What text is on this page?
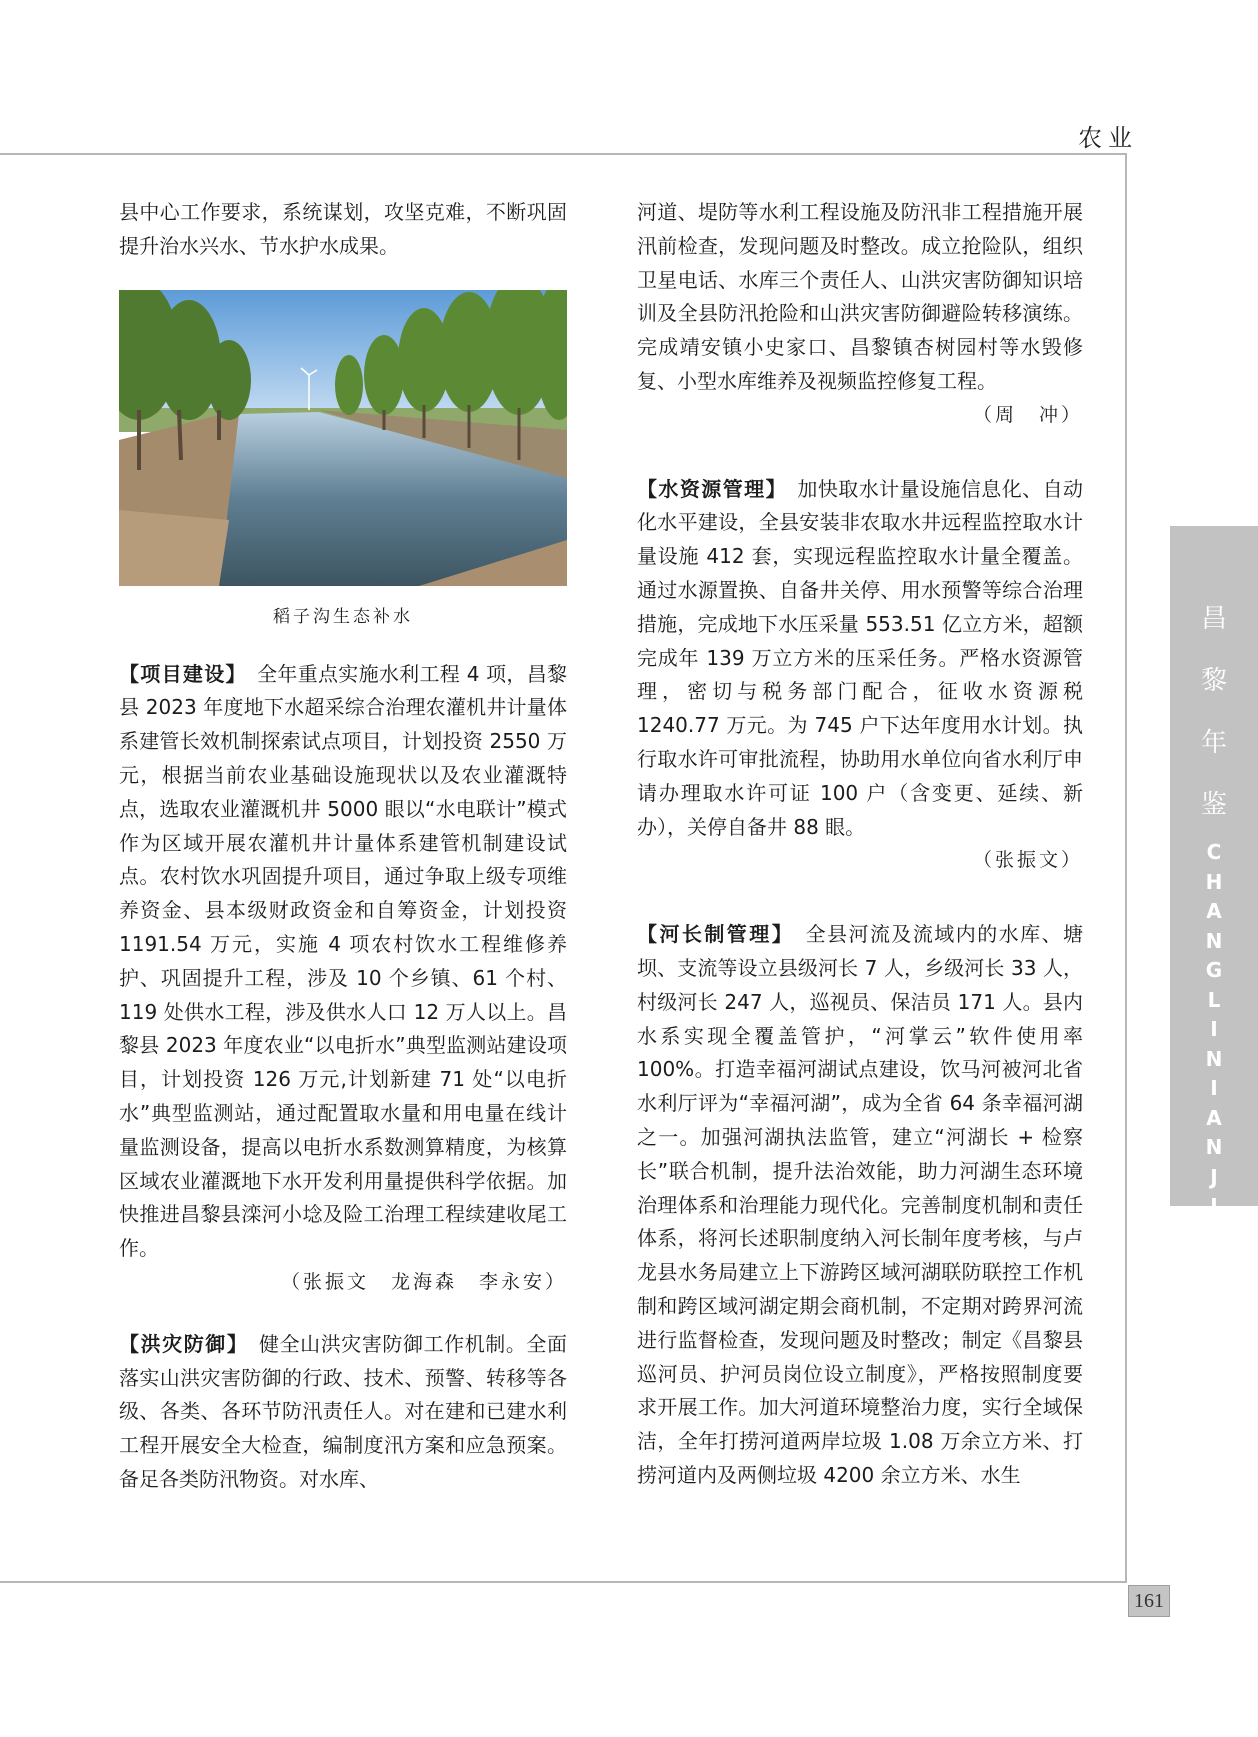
农业
昌
黎
年
鉴
C
H
A
N
G
L
I
N
I
A
N
J
I
A
N
161

县中心工作要求，系统谋划，攻坚克难，不断巩固提升治水兴水、节水护水成果。

稻子沟生态补水

【项目建设】　全年重点实施水利工程 4 项，昌黎县 2023 年度地下水超采综合治理农灌机井计量体系建管长效机制探索试点项目，计划投资 2550 万元，根据当前农业基础设施现状以及农业灌溉特点，选取农业灌溉机井 5000 眼以“水电联计”模式作为区域开展农灌机井计量体系建管机制建设试点。农村饮水巩固提升项目，通过争取上级专项维养资金、县本级财政资金和自筹资金，计划投资 1191.54 万元，实施 4 项农村饮水工程维修养护、巩固提升工程，涉及 10 个乡镇、61 个村、119 处供水工程，涉及供水人口 12 万人以上。昌黎县 2023 年度农业“以电折水”典型监测站建设项目，计划投资 126 万元,计划新建 71 处“以电折水”典型监测站，通过配置取水量和用电量在线计量监测设备，提高以电折水系数测算精度，为核算区域农业灌溉地下水开发利用量提供科学依据。加快推进昌黎县滦河小埝及险工治理工程续建收尾工作。

（张振文　龙海森　李永安）

【洪灾防御】　健全山洪灾害防御工作机制。全面落实山洪灾害防御的行政、技术、预警、转移等各级、各类、各环节防汛责任人。对在建和已建水利工程开展安全大检查，编制度汛方案和应急预案。备足各类防汛物资。对水库、

河道、堤防等水利工程设施及防汛非工程措施开展汛前检查，发现问题及时整改。成立抢险队，组织卫星电话、水库三个责任人、山洪灾害防御知识培训及全县防汛抢险和山洪灾害防御避险转移演练。完成靖安镇小史家口、昌黎镇杏树园村等水毁修复、小型水库维养及视频监控修复工程。

（周　冲）

【水资源管理】　加快取水计量设施信息化、自动化水平建设，全县安装非农取水井远程监控取水计量设施 412 套，实现远程监控取水计量全覆盖。通过水源置换、自备井关停、用水预警等综合治理措施，完成地下水压采量 553.51 亿立方米，超额完成年 139 万立方米的压采任务。严格水资源管理，密切与税务部门配合，征收水资源税 1240.77 万元。为 745 户下达年度用水计划。执行取水许可审批流程，协助用水单位向省水利厅申请办理取水许可证 100 户（含变更、延续、新办），关停自备井 88 眼。

（张振文）

【河长制管理】　全县河流及流域内的水库、塘坝、支流等设立县级河长 7 人，乡级河长 33 人，村级河长 247 人，巡视员、保洁员 171 人。县内水系实现全覆盖管护，“河掌云”软件使用率 100%。打造幸福河湖试点建设，饮马河被河北省水利厅评为“幸福河湖”，成为全省 64 条幸福河湖之一。加强河湖执法监管，建立“河湖长 + 检察长”联合机制，提升法治效能，助力河湖生态环境治理体系和治理能力现代化。完善制度机制和责任体系，将河长述职制度纳入河长制年度考核，与卢龙县水务局建立上下游跨区域河湖联防联控工作机制和跨区域河湖定期会商机制，不定期对跨界河流进行监督检查，发现问题及时整改；制定《昌黎县巡河员、护河员岗位设立制度》，严格按照制度要求开展工作。加大河道环境整治力度，实行全域保洁，全年打捞河道两岸垃圾 1.08 万余立方米、打捞河道内及两侧垃圾 4200 余立方米、水生
